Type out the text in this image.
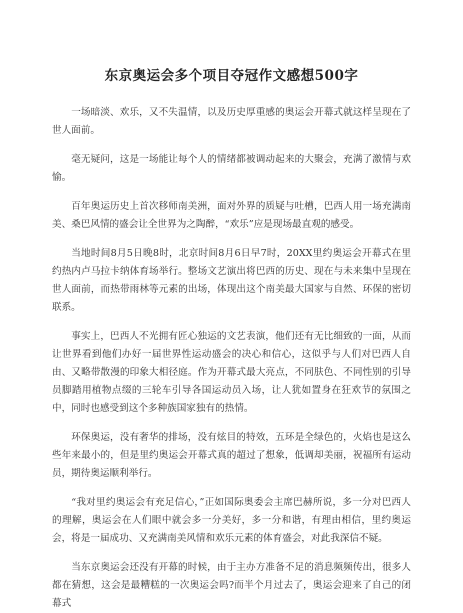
东京奥运会多个项目夺冠作文感想500字

一场暗淡、欢乐，又不失温情，以及历史厚重感的奥运会开幕式就这样呈现在了世人面前。

毫无疑问，这是一场能让每个人的情绪都被调动起来的大聚会，充满了激情与欢愉。

百年奥运历史上首次移师南美洲，面对外界的质疑与吐槽，巴西人用一场充满南美、桑巴风情的盛会让全世界为之陶醉，“欢乐”应是现场最直观的感受。

当地时间8月5日晚8时，北京时间8月6日早7时，20XX里约奥运会开幕式在里约热内卢马拉卡纳体育场举行。整场文艺演出将巴西的历史、现在与未来集中呈现在世人面前，而热带雨林等元素的出场，体现出这个南美最大国家与自然、环保的密切联系。

事实上，巴西人不光拥有匠心独运的文艺表演，他们还有无比细致的一面，从而让世界看到他们办好一届世界性运动盛会的决心和信心，这似乎与人们对巴西人自由、又略带散漫的印象大相径庭。作为开幕式最大亮点，不同肤色、不同性别的引导员脚踏用植物点缀的三轮车引导各国运动员入场，让人犹如置身在狂欢节的氛围之中，同时也感受到这个多种族国家独有的热情。

环保奥运，没有奢华的排场，没有炫目的特效，五环是全绿色的，火焰也是这么些年来最小的，但是里约奥运会开幕式真的超过了想象，低调却美丽，祝福所有运动员，期待奥运顺利举行。

“我对里约奥运会有充足信心，”正如国际奥委会主席巴赫所说，多一分对巴西人的理解，奥运会在人们眼中就会多一分美好，多一分和谐，有理由相信，里约奥运会，将是一届成功、又充满南美风情和欢乐元素的体育盛会，对此我深信不疑。

当东京奥运会还没有开幕的时候，由于主办方准备不足的消息频频传出，很多人都在猜想，这会是最糟糕的一次奥运会吗?而半个月过去了，奥运会迎来了自己的闭幕式
